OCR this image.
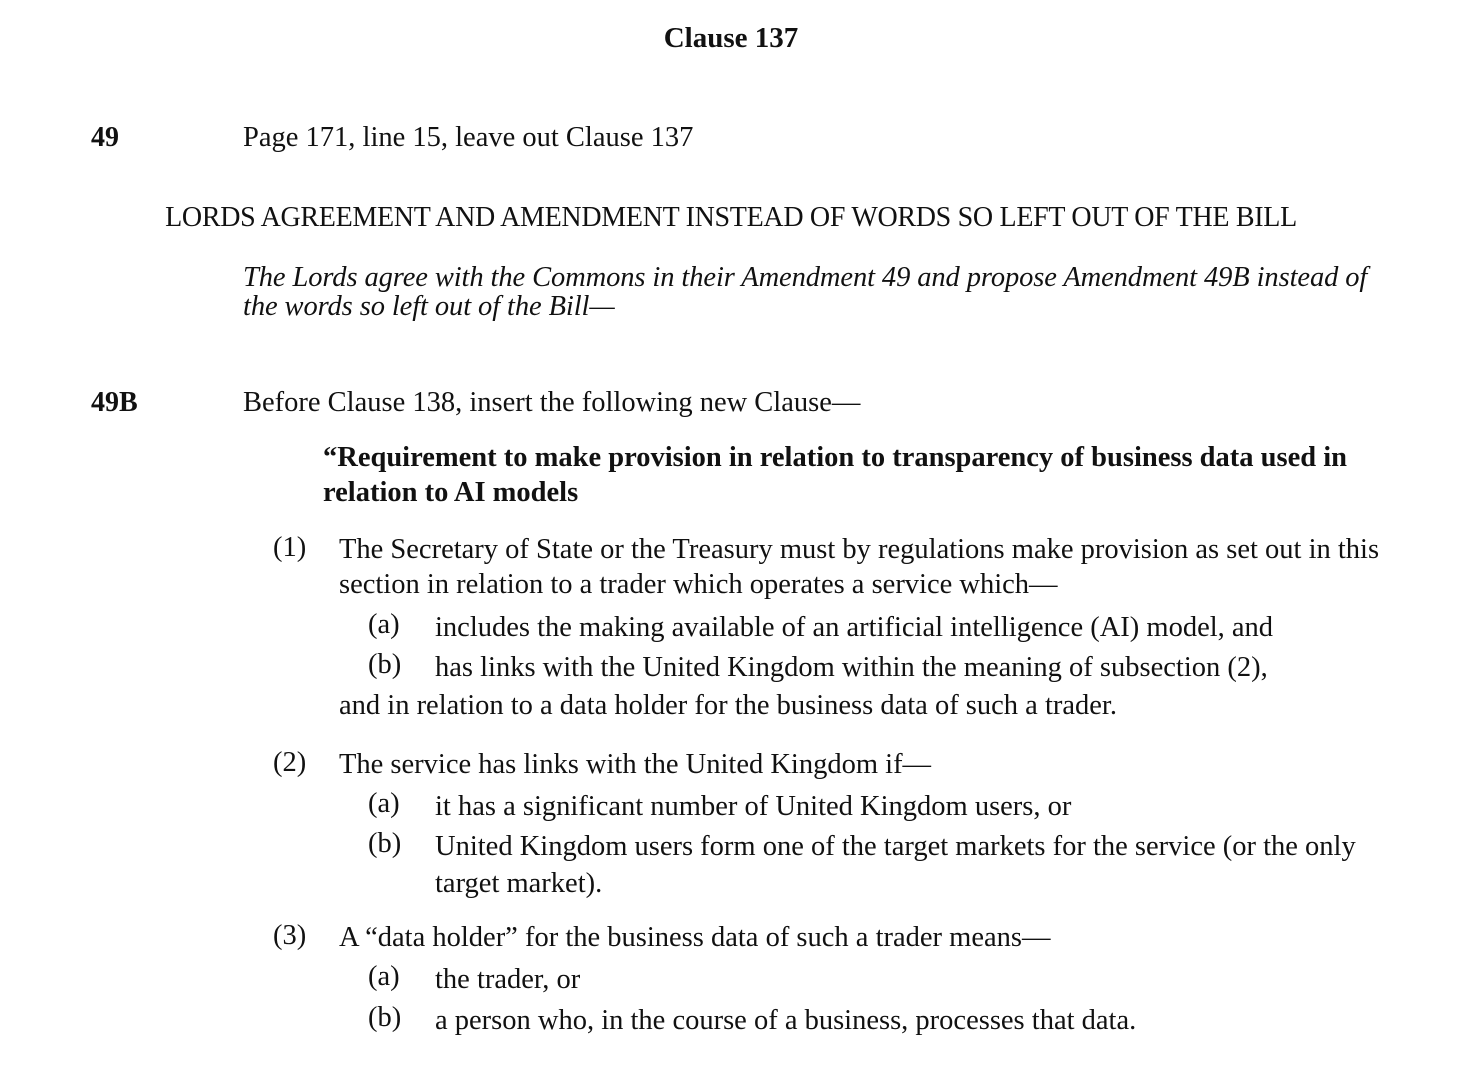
Clause 137
49	Page 171, line 15, leave out Clause 137
LORDS AGREEMENT AND AMENDMENT INSTEAD OF WORDS SO LEFT OUT OF THE BILL
The Lords agree with the Commons in their Amendment 49 and propose Amendment 49B instead of the words so left out of the Bill—
49B	Before Clause 138, insert the following new Clause—
“Requirement to make provision in relation to transparency of business data used in relation to AI models
(1) The Secretary of State or the Treasury must by regulations make provision as set out in this section in relation to a trader which operates a service which—
(a) includes the making available of an artificial intelligence (AI) model, and
(b) has links with the United Kingdom within the meaning of subsection (2),
and in relation to a data holder for the business data of such a trader.
(2) The service has links with the United Kingdom if—
(a) it has a significant number of United Kingdom users, or
(b) United Kingdom users form one of the target markets for the service (or the only target market).
(3) A “data holder” for the business data of such a trader means—
(a) the trader, or
(b) a person who, in the course of a business, processes that data.
